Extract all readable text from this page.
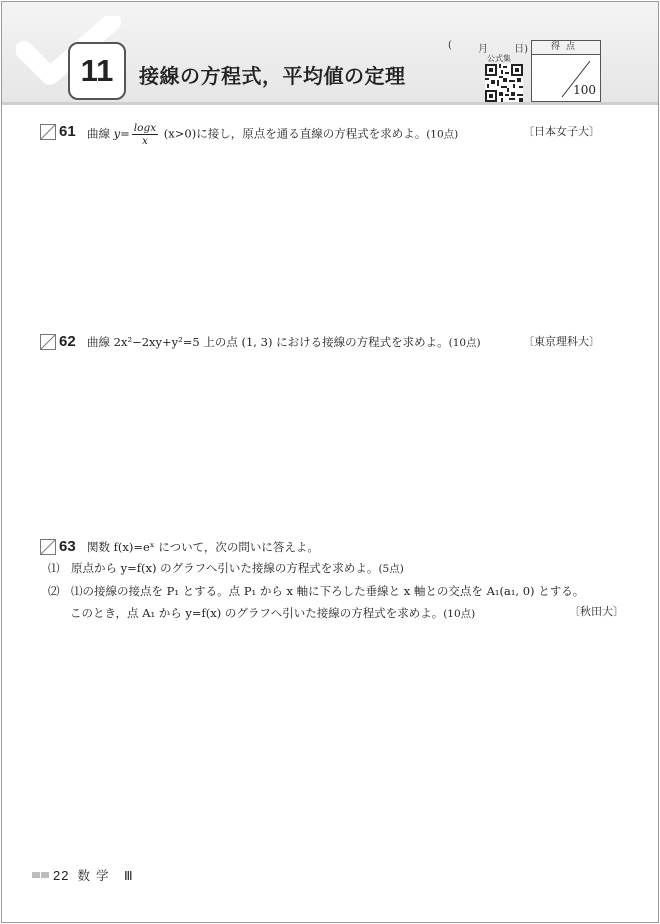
11	接線の方程式，平均値の定理
(	月	日)
公式集
得点
100
61 曲線 $y= \frac{\log x}{x} (x>0)$に接し，原点を通る直線の方程式を求めよ。(10点)	〔日本女子大〕
62 曲線 2x²−2xy+y²=5 上の点 (1, 3) における接線の方程式を求めよ。(10点)	〔東京理科大〕
63 関数 f(x)=eˣ について，次の問いに答えよ。
⑴　原点から y=f(x) のグラフへ引いた接線の方程式を求めよ。(5点)
⑵　⑴の接線の接点を P₁ とする。点 P₁ から x 軸に下ろした垂線と x 軸との交点を A₁(a₁, 0) とする。
このとき，点 A₁ から y=f(x) のグラフへ引いた接線の方程式を求めよ。(10点)	〔秋田大〕
22 数学 Ⅲ
